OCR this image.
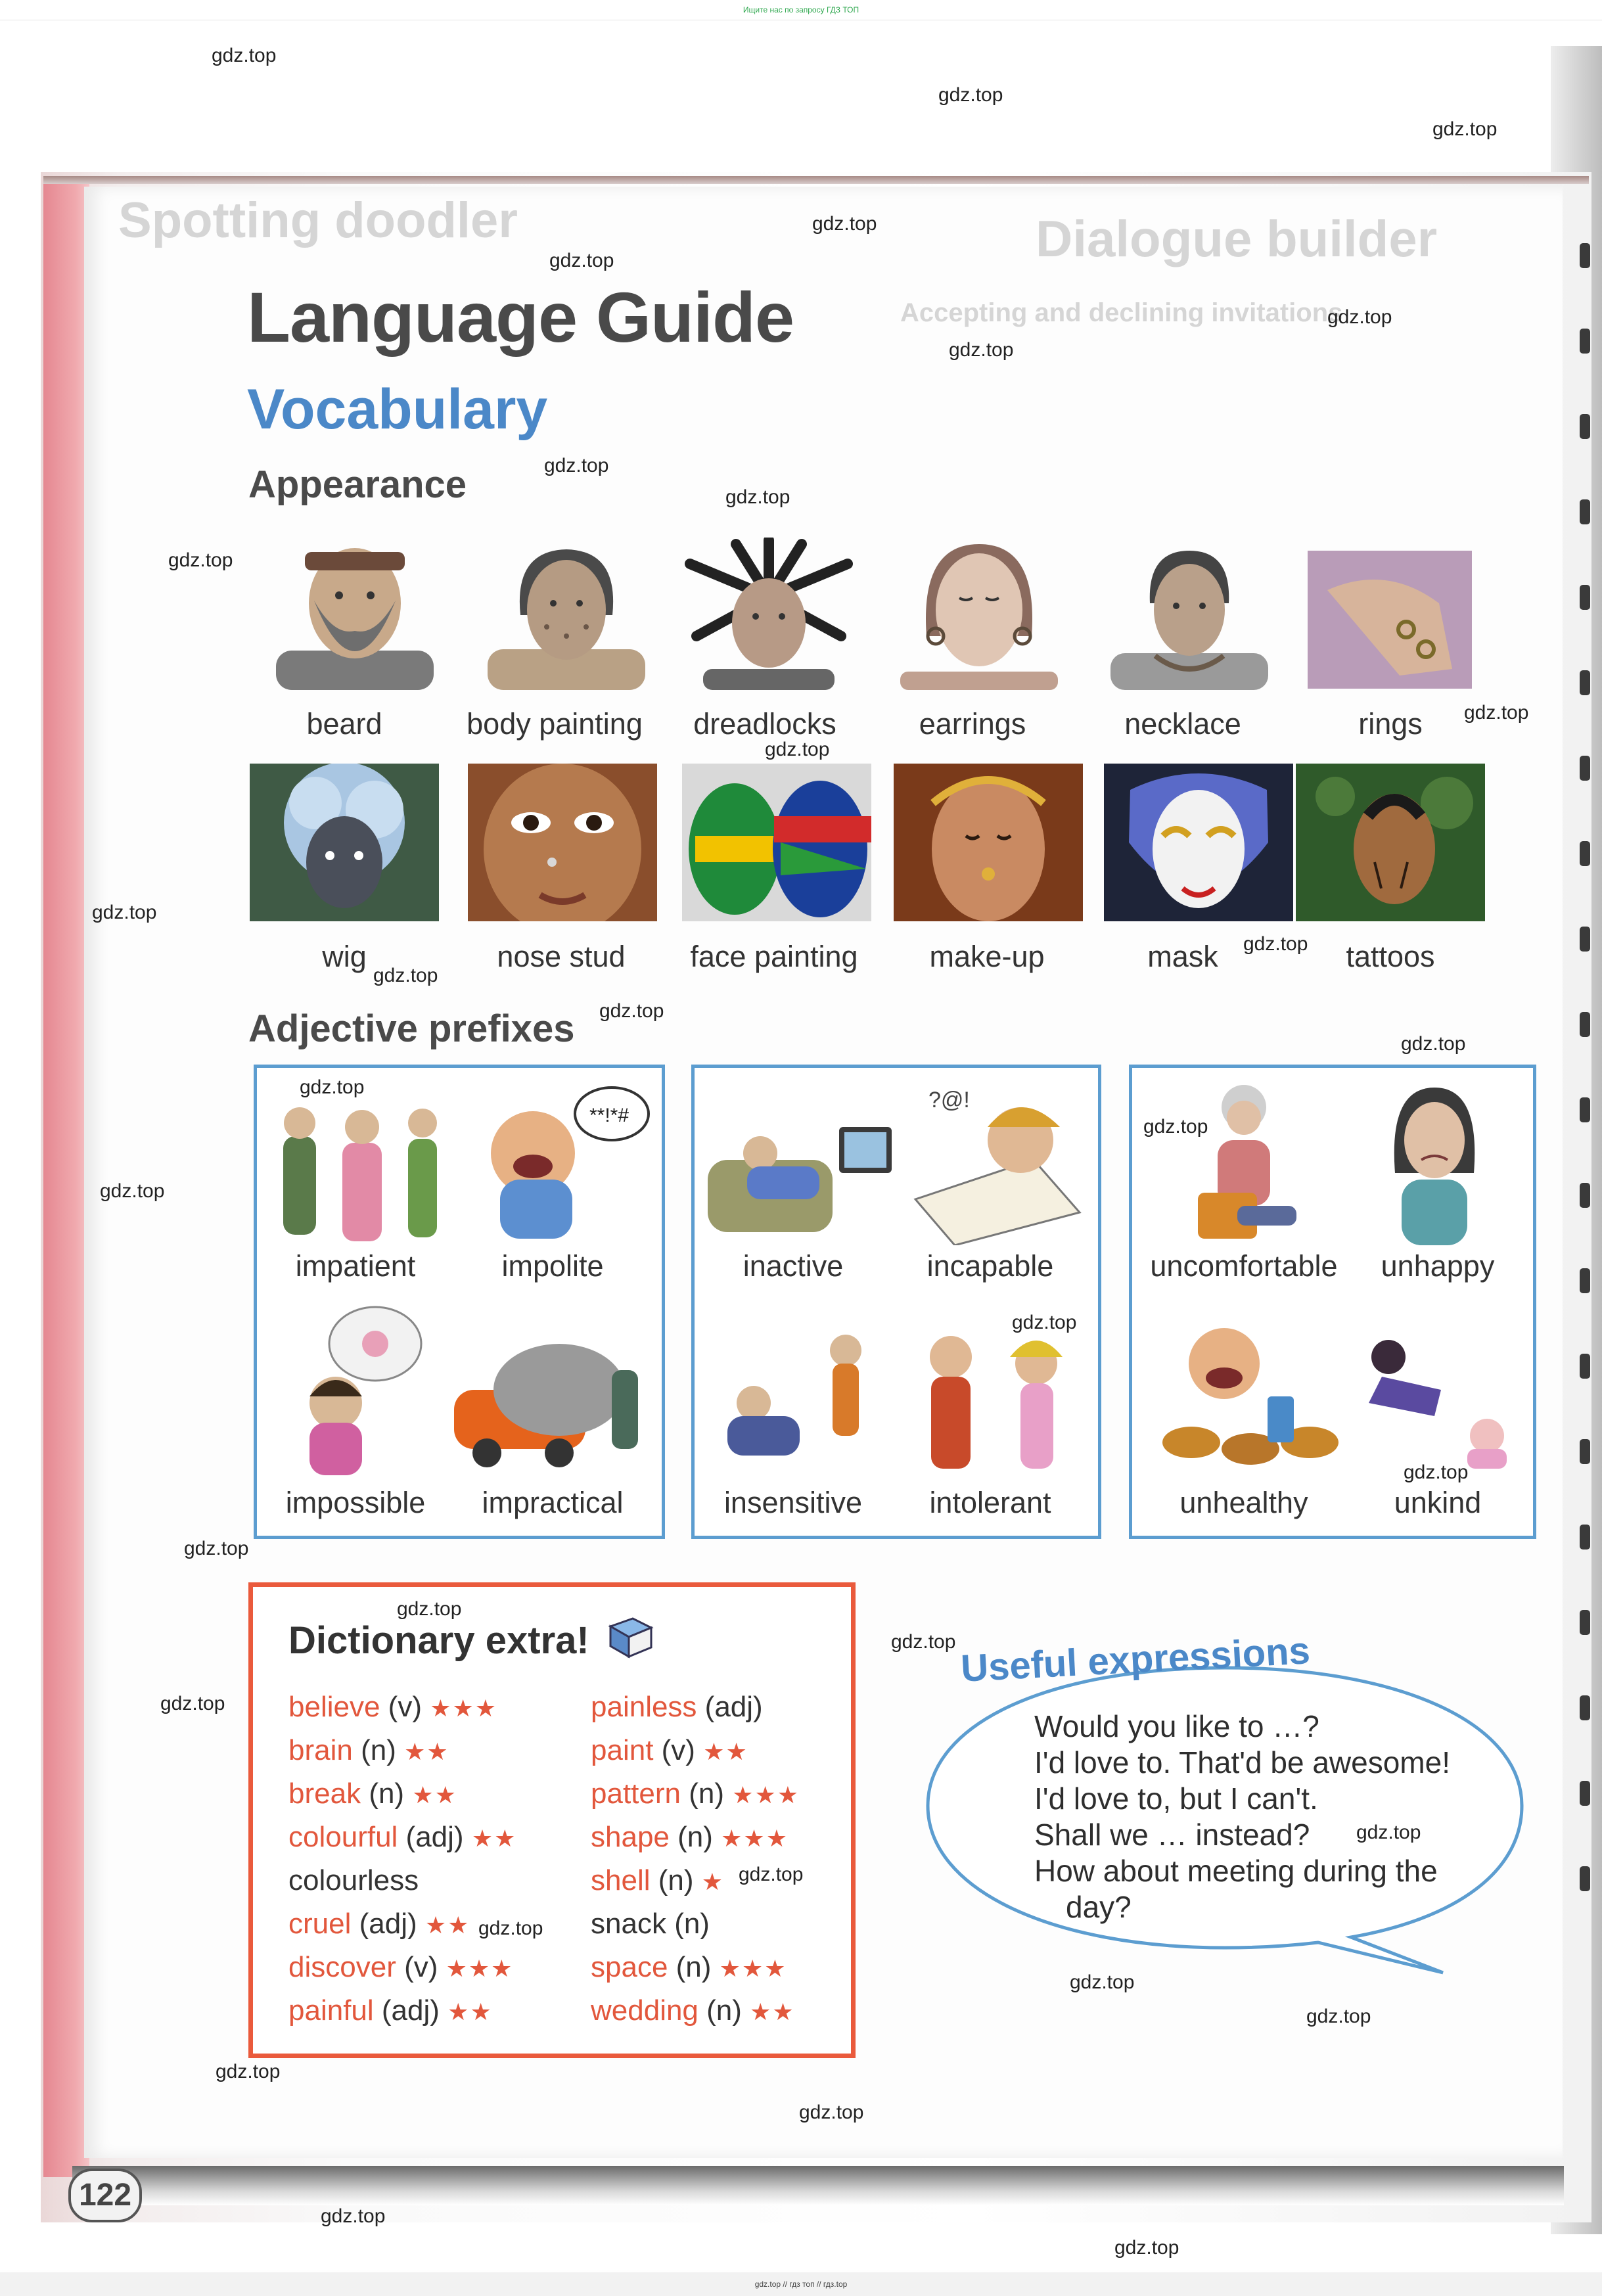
Ищите нас по запросу ГДЗ ТОП
Spotting doodler	Dialogue builder
Accepting and declining invitations
Language Guide
Vocabulary
Appearance
beard	body painting	dreadlocks	earrings	necklace	rings
wig	nose stud	face painting	make-up	mask	tattoos
Adjective prefixes
**!*#
impatient	impolite
impossible	impractical
?@!
inactive	incapable
insensitive	intolerant
uncomfortable	unhappy
unhealthy	unkind
Dictionary extra!
believe (v) ★★★
brain (n) ★★
break (n) ★★
colourful (adj) ★★
colourless
cruel (adj) ★★
discover (v) ★★★
painful (adj) ★★
painless (adj)
paint (v) ★★
pattern (n) ★★★
shape (n) ★★★
shell (n) ★
snack (n)
space (n) ★★★
wedding (n) ★★
Useful expressions
Would you like to …?
I'd love to. That'd be awesome!
I'd love to, but I can't.
Shall we … instead?
How about meeting during the
day?
122
gdz.top
gdz.top
gdz.top
gdz.top
gdz.top
gdz.top
gdz.top
gdz.top
gdz.top
gdz.top
gdz.top
gdz.top
gdz.top
gdz.top
gdz.top
gdz.top
gdz.top
gdz.top
gdz.top
gdz.top
gdz.top
gdz.top
gdz.top
gdz.top
gdz.top
gdz.top
gdz.top
gdz.top
gdz.top
gdz.top
gdz.top
gdz.top
gdz.top
gdz.top
gdz.top
gdz.top // гдз топ // гдз.top
